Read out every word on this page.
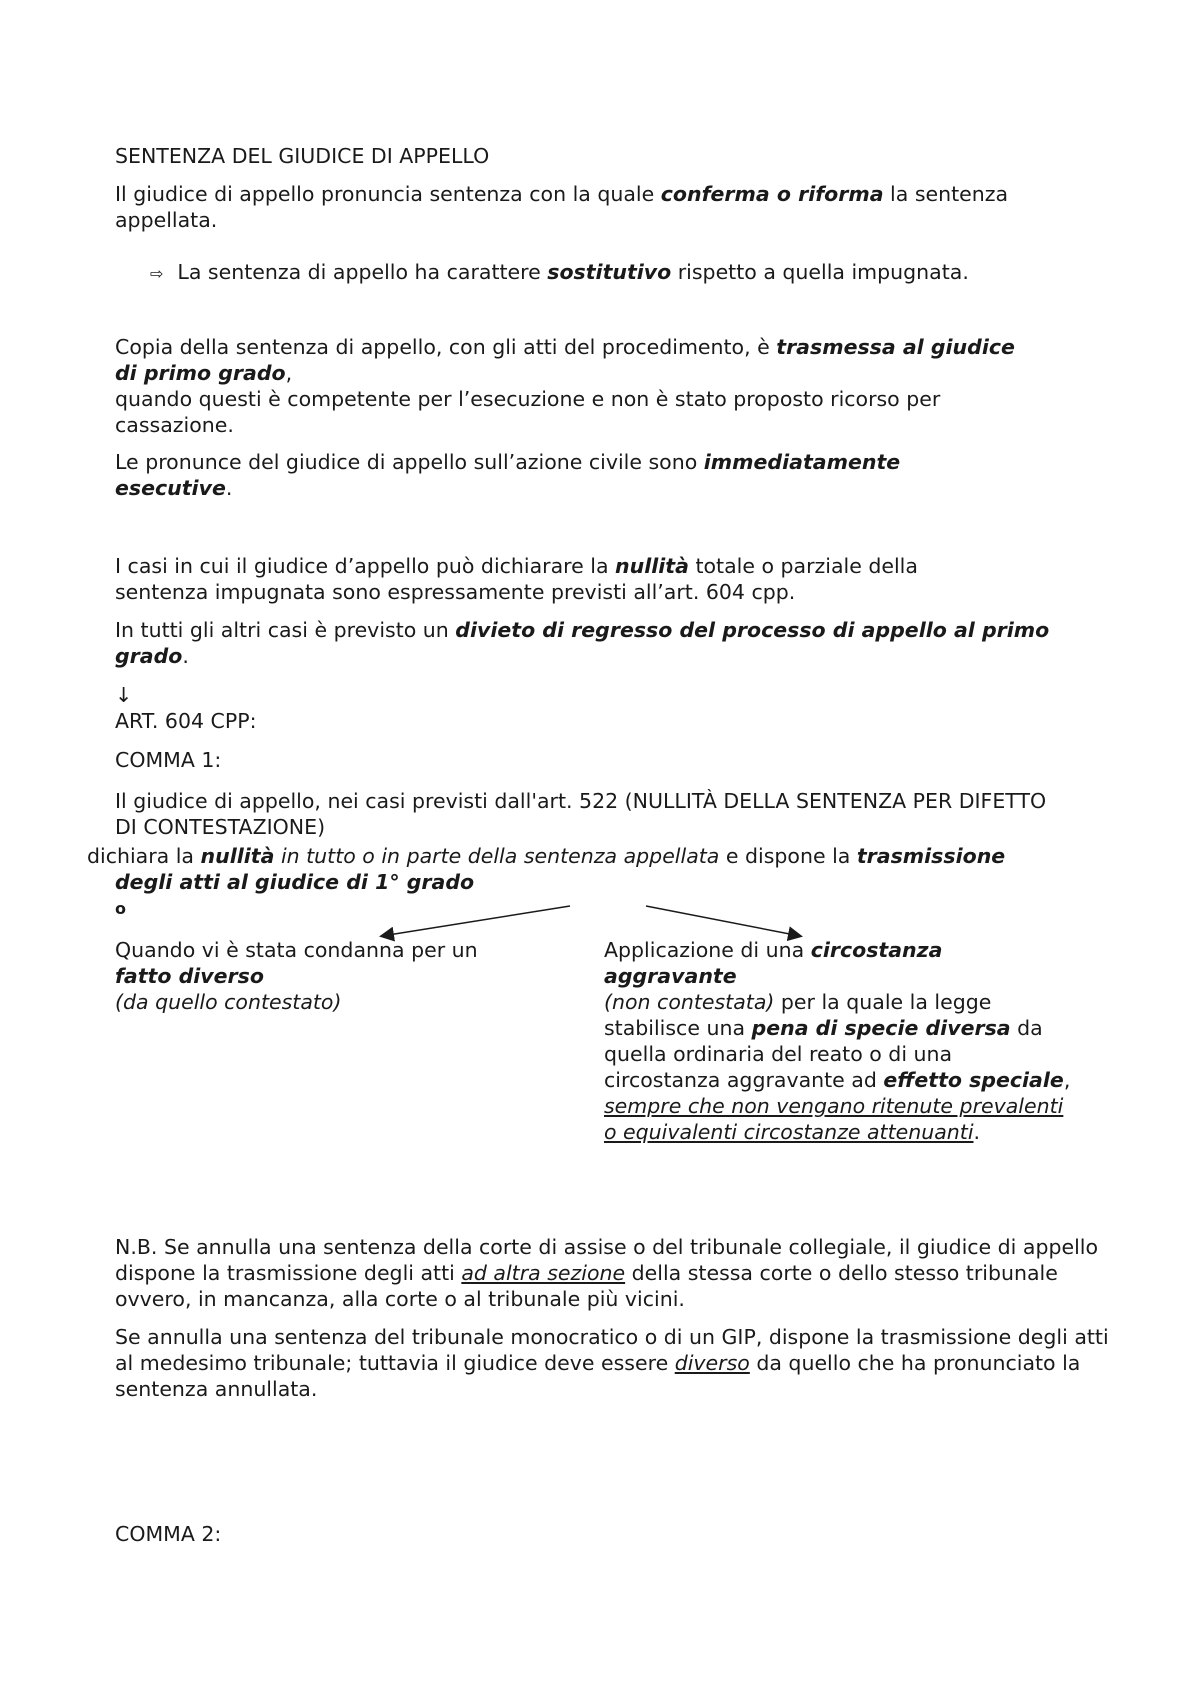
SENTENZA DEL GIUDICE DI APPELLO

Il giudice di appello pronuncia sentenza con la quale conferma o riforma la sentenza appellata.

⇨ La sentenza di appello ha carattere sostitutivo rispetto a quella impugnata.

Copia della sentenza di appello, con gli atti del procedimento, è trasmessa al giudice di primo grado,
quando questi è competente per l’esecuzione e non è stato proposto ricorso per cassazione.

Le pronunce del giudice di appello sull’azione civile sono immediatamente esecutive.

I casi in cui il giudice d’appello può dichiarare la nullità totale o parziale della sentenza impugnata sono espressamente previsti all’art. 604 cpp.

In tutti gli altri casi è previsto un divieto di regresso del processo di appello al primo grado.

↓

ART. 604 CPP:

COMMA 1:

Il giudice di appello, nei casi previsti dall'art. 522 (NULLITÀ DELLA SENTENZA PER DIFETTO DI CONTESTAZIONE)

dichiara la nullità in tutto o in parte della sentenza appellata e dispone la trasmissione

degli atti al giudice di 1° grado

o

Quando vi è stata condanna per un
fatto diverso
(da quello contestato)
Applicazione di una circostanza aggravante
(non contestata) per la quale la legge stabilisce una pena di specie diversa da quella ordinaria del reato o di una circostanza aggravante ad effetto speciale,
sempre che non vengano ritenute prevalenti o equivalenti circostanze attenuanti.

N.B. Se annulla una sentenza della corte di assise o del tribunale collegiale, il giudice di appello dispone la trasmissione degli atti ad altra sezione della stessa corte o dello stesso tribunale ovvero, in mancanza, alla corte o al tribunale più vicini.

Se annulla una sentenza del tribunale monocratico o di un GIP, dispone la trasmissione degli atti al medesimo tribunale; tuttavia il giudice deve essere diverso da quello che ha pronunciato la sentenza annullata.

COMMA 2:
